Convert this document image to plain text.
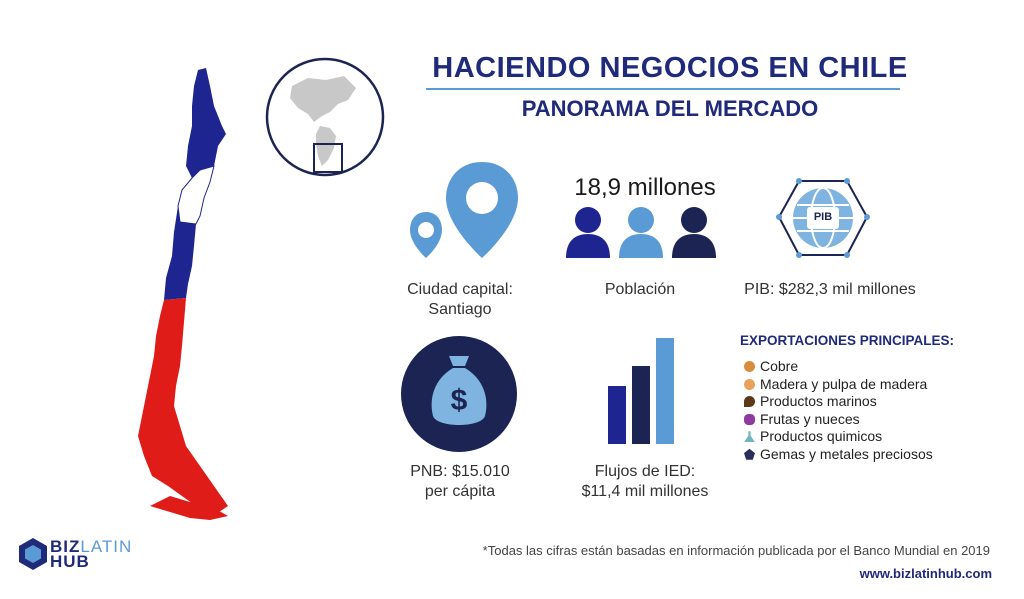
HACIENDO NEGOCIOS EN CHILE
PANORAMA DEL MERCADO
Ciudad capital:
Santiago
18,9 millones
Población
PIB
PIB: $282,3 mil millones
$
PNB: $15.010
per cápita
Flujos de IED:
$11,4 mil millones
EXPORTACIONES PRINCIPALES:
Cobre
Madera y pulpa de madera
Productos marinos
Frutas y nueces
Productos quimicos
Gemas y metales preciosos
BIZLATIN
HUB
*Todas las cifras están basadas en información publicada por el Banco Mundial en 2019
www.bizlatinhub.com
